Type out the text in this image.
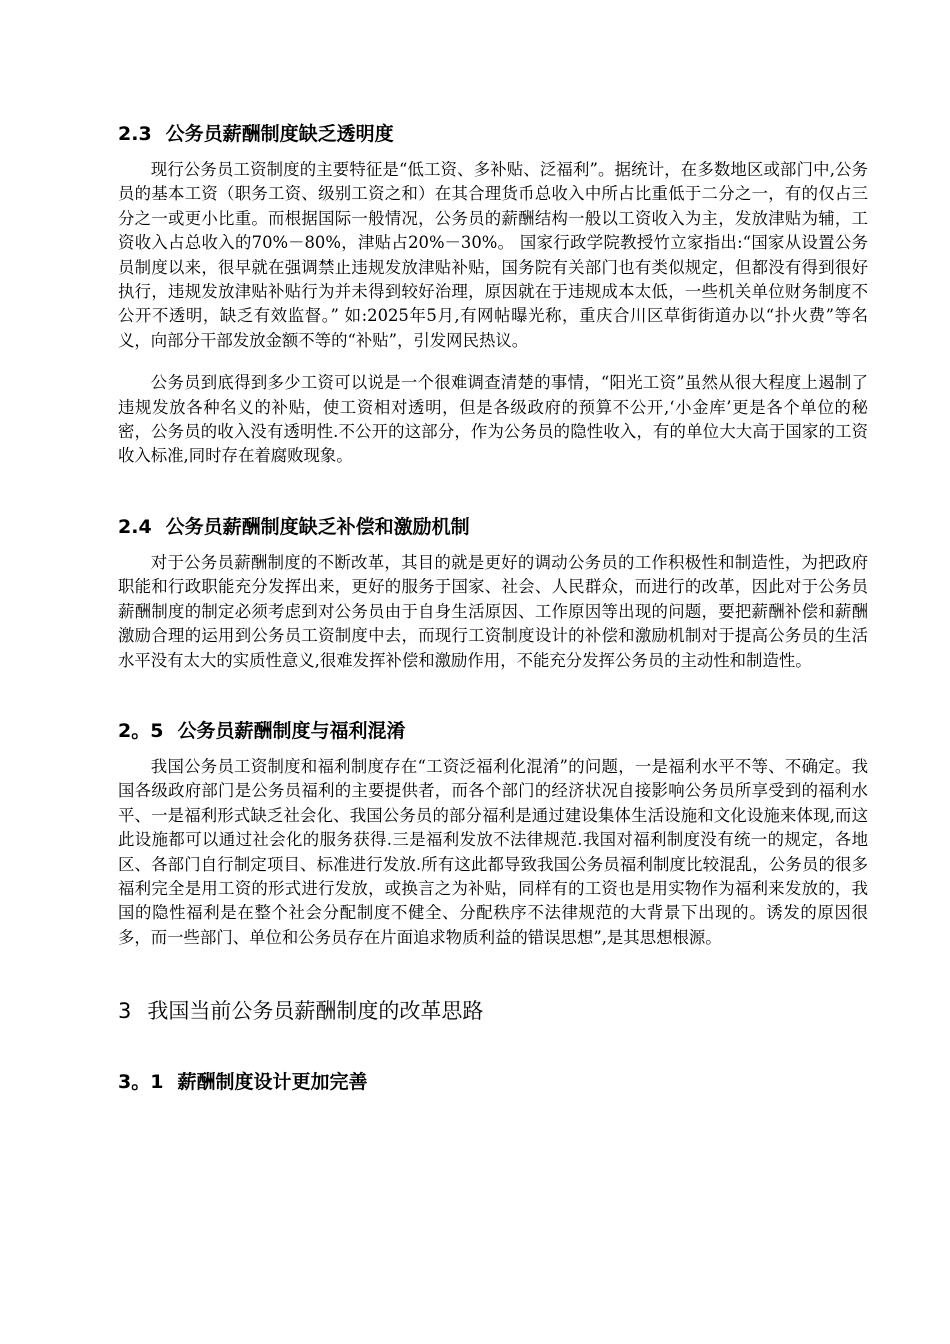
2.3 公务员薪酬制度缺乏透明度

现行公务员工资制度的主要特征是“低工资、多补贴、泛福利”。据统计，在多数地区或部门中,公务员的基本工资（职务工资、级别工资之和）在其合理货币总收入中所占比重低于二分之一，有的仅占三分之一或更小比重。而根据国际一般情况，公务员的薪酬结构一般以工资收入为主，发放津贴为辅，工资收入占总收入的70%－80%，津贴占20%－30%。 国家行政学院教授竹立家指出:“国家从设置公务员制度以来，很早就在强调禁止违规发放津贴补贴，国务院有关部门也有类似规定，但都没有得到很好执行，违规发放津贴补贴行为并未得到较好治理，原因就在于违规成本太低，一些机关单位财务制度不公开不透明，缺乏有效监督。” 如:2025年5月,有网帖曝光称，重庆合川区草街街道办以“扑火费”等名义，向部分干部发放金额不等的“补贴”，引发网民热议。

公务员到底得到多少工资可以说是一个很难调查清楚的事情，“阳光工资”虽然从很大程度上遏制了违规发放各种名义的补贴，使工资相对透明，但是各级政府的预算不公开,‘小金库’更是各个单位的秘密，公务员的收入没有透明性.不公开的这部分，作为公务员的隐性收入，有的单位大大高于国家的工资收入标准,同时存在着腐败现象。

2.4 公务员薪酬制度缺乏补偿和激励机制

对于公务员薪酬制度的不断改革，其目的就是更好的调动公务员的工作积极性和制造性，为把政府职能和行政职能充分发挥出来，更好的服务于国家、社会、人民群众，而进行的改革，因此对于公务员薪酬制度的制定必须考虑到对公务员由于自身生活原因、工作原因等出现的问题，要把薪酬补偿和薪酬激励合理的运用到公务员工资制度中去，而现行工资制度设计的补偿和激励机制对于提高公务员的生活水平没有太大的实质性意义,很难发挥补偿和激励作用，不能充分发挥公务员的主动性和制造性。

2。5 公务员薪酬制度与福利混淆

我国公务员工资制度和福利制度存在“工资泛福利化混淆”的问题，一是福利水平不等、不确定。我国各级政府部门是公务员福利的主要提供者，而各个部门的经济状况自接影响公务员所享受到的福利水平、一是福利形式缺乏社会化、我国公务员的部分福利是通过建设集体生活设施和文化设施来体现,而这此设施都可以通过社会化的服务获得.三是福利发放不法律规范.我国对福利制度没有统一的规定，各地区、各部门自行制定项目、标准进行发放.所有这此都导致我国公务员福利制度比较混乱，公务员的很多福利完全是用工资的形式进行发放，或换言之为补贴，同样有的工资也是用实物作为福利来发放的，我国的隐性福利是在整个社会分配制度不健全、分配秩序不法律规范的大背景下出现的。诱发的原因很多，而一些部门、单位和公务员存在片面追求物质利益的错误思想”,是其思想根源。

3 我国当前公务员薪酬制度的改革思路
3。1 薪酬制度设计更加完善
